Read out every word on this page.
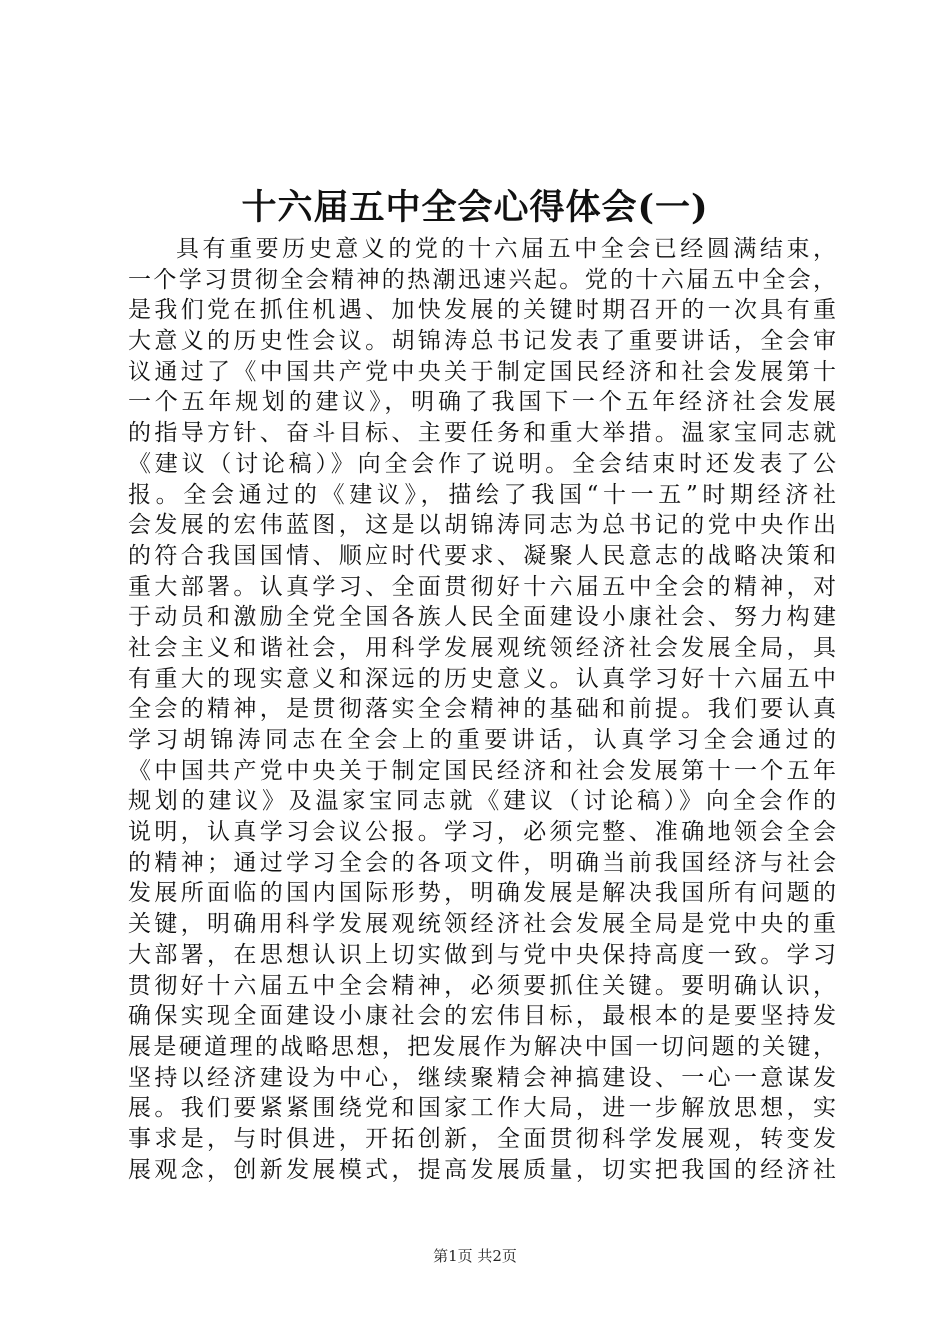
十六届五中全会心得体会(一)
具有重要历史意义的党的十六届五中全会已经圆满结束，
一个学习贯彻全会精神的热潮迅速兴起。党的十六届五中全会，
是我们党在抓住机遇、加快发展的关键时期召开的一次具有重
大意义的历史性会议。胡锦涛总书记发表了重要讲话，全会审
议通过了《中国共产党中央关于制定国民经济和社会发展第十
一个五年规划的建议》，明确了我国下一个五年经济社会发展
的指导方针、奋斗目标、主要任务和重大举措。温家宝同志就
《建议（讨论稿）》向全会作了说明。全会结束时还发表了公
报。全会通过的《建议》，描绘了我国“十一五”时期经济社
会发展的宏伟蓝图，这是以胡锦涛同志为总书记的党中央作出
的符合我国国情、顺应时代要求、凝聚人民意志的战略决策和
重大部署。认真学习、全面贯彻好十六届五中全会的精神，对
于动员和激励全党全国各族人民全面建设小康社会、努力构建
社会主义和谐社会，用科学发展观统领经济社会发展全局，具
有重大的现实意义和深远的历史意义。认真学习好十六届五中
全会的精神，是贯彻落实全会精神的基础和前提。我们要认真
学习胡锦涛同志在全会上的重要讲话，认真学习全会通过的
《中国共产党中央关于制定国民经济和社会发展第十一个五年
规划的建议》及温家宝同志就《建议（讨论稿）》向全会作的
说明，认真学习会议公报。学习，必须完整、准确地领会全会
的精神；通过学习全会的各项文件，明确当前我国经济与社会
发展所面临的国内国际形势，明确发展是解决我国所有问题的
关键，明确用科学发展观统领经济社会发展全局是党中央的重
大部署，在思想认识上切实做到与党中央保持高度一致。学习
贯彻好十六届五中全会精神，必须要抓住关键。要明确认识，
确保实现全面建设小康社会的宏伟目标，最根本的是要坚持发
展是硬道理的战略思想，把发展作为解决中国一切问题的关键，
坚持以经济建设为中心，继续聚精会神搞建设、一心一意谋发
展。我们要紧紧围绕党和国家工作大局，进一步解放思想，实
事求是，与时俱进，开拓创新，全面贯彻科学发展观，转变发
展观念，创新发展模式，提高发展质量，切实把我国的经济社
第1页 共2页
